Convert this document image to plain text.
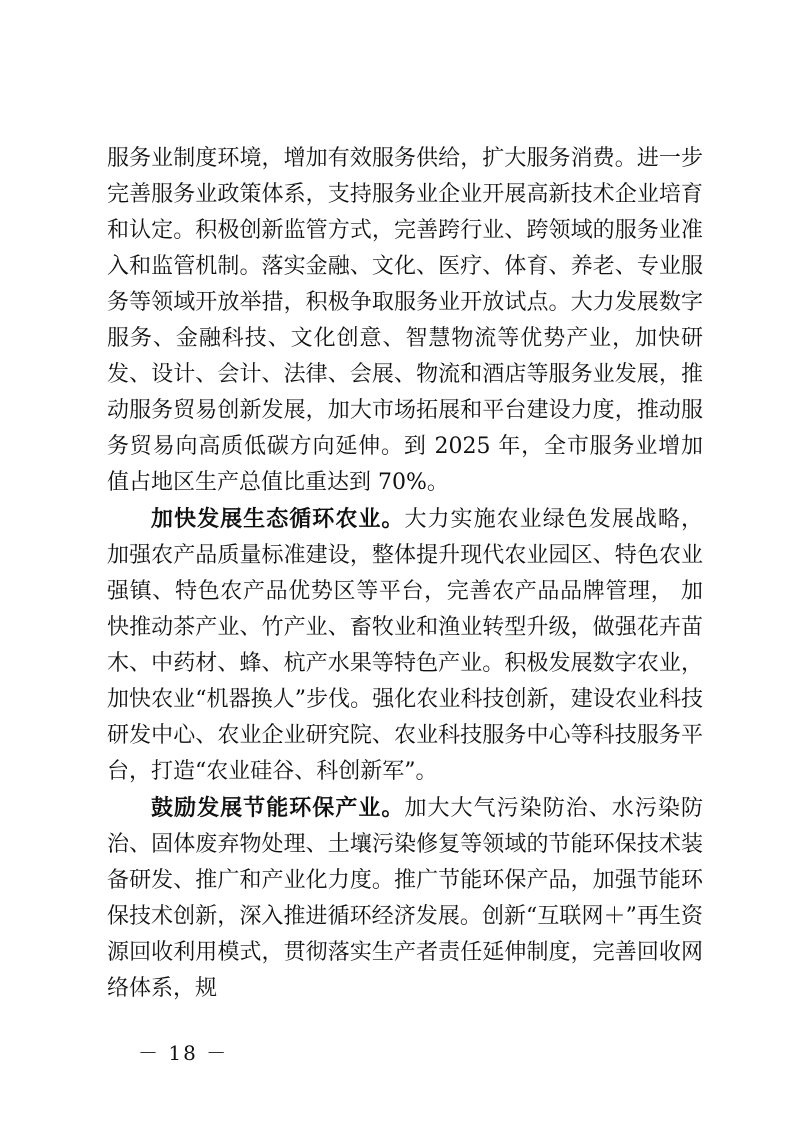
服务业制度环境，增加有效服务供给，扩大服务消费。进一步完善服务业政策体系，支持服务业企业开展高新技术企业培育和认定。积极创新监管方式，完善跨行业、跨领域的服务业准入和监管机制。落实金融、文化、医疗、体育、养老、专业服务等领域开放举措，积极争取服务业开放试点。大力发展数字服务、金融科技、文化创意、智慧物流等优势产业，加快研发、设计、会计、法律、会展、物流和酒店等服务业发展，推动服务贸易创新发展，加大市场拓展和平台建设力度，推动服务贸易向高质低碳方向延伸。到 2025 年，全市服务业增加值占地区生产总值比重达到 70%。

加快发展生态循环农业。大力实施农业绿色发展战略， 加强农产品质量标准建设，整体提升现代农业园区、特色农业强镇、特色农产品优势区等平台，完善农产品品牌管理， 加快推动茶产业、竹产业、畜牧业和渔业转型升级，做强花卉苗木、中药材、蜂、杭产水果等特色产业。积极发展数字农业，加快农业“机器换人”步伐。强化农业科技创新，建设农业科技研发中心、农业企业研究院、农业科技服务中心等科技服务平台，打造“农业硅谷、科创新军”。

鼓励发展节能环保产业。加大大气污染防治、水污染防治、固体废弃物处理、土壤污染修复等领域的节能环保技术装备研发、推广和产业化力度。推广节能环保产品，加强节能环保技术创新，深入推进循环经济发展。创新“互联网＋”再生资源回收利用模式，贯彻落实生产者责任延伸制度，完善回收网络体系，规

－ 18 －
